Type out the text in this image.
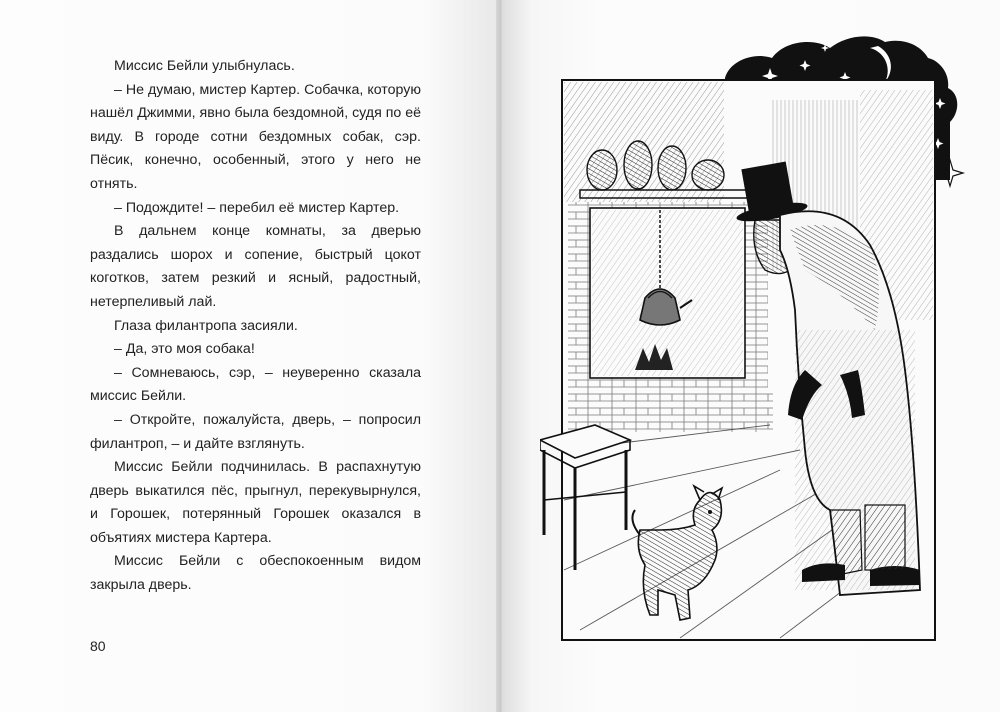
Миссис Бейли улыбнулась.

– Не думаю, мистер Картер. Собачка, которую нашёл Джимми, явно была бездомной, судя по её виду. В городе сотни бездомных собак, сэр. Пёсик, конечно, особенный, этого у него не отнять.

– Подождите! – перебил её мистер Картер.

В дальнем конце комнаты, за дверью раздались шорох и сопение, быстрый цокот коготков, затем резкий и ясный, радостный, нетерпеливый лай.

Глаза филантропа засияли.

– Да, это моя собака!

– Сомневаюсь, сэр, – неуверенно сказала миссис Бейли.

– Откройте, пожалуйста, дверь, – попросил филантроп, – и дайте взглянуть.

Миссис Бейли подчинилась. В распахнутую дверь выкатился пёс, прыгнул, перекувырнулся, и Горошек, потерянный Горошек оказался в объятиях мистера Картера.

Миссис Бейли с обеспокоенным видом закрыла дверь.

80
